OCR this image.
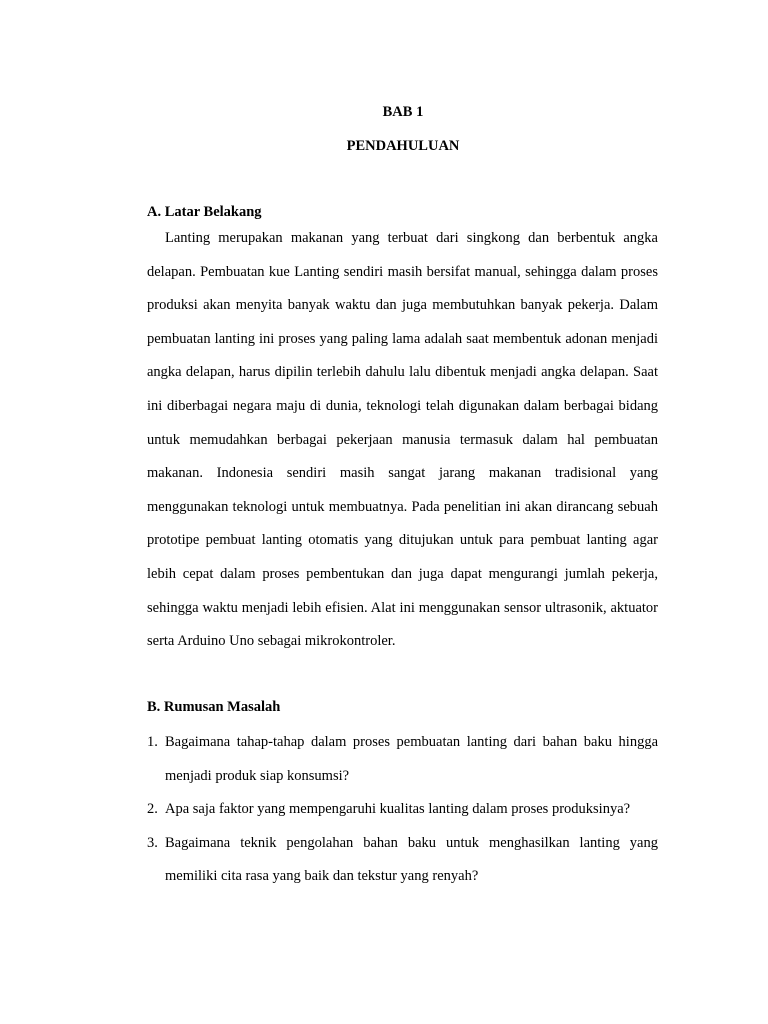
BAB 1
PENDAHULUAN
A. Latar Belakang

Lanting merupakan makanan yang terbuat dari singkong dan berbentuk angka delapan. Pembuatan kue Lanting sendiri masih bersifat manual, sehingga dalam proses produksi akan menyita banyak waktu dan juga membutuhkan banyak pekerja. Dalam pembuatan lanting ini proses yang paling lama adalah saat membentuk adonan menjadi angka delapan, harus dipilin terlebih dahulu lalu dibentuk menjadi angka delapan. Saat ini diberbagai negara maju di dunia, teknologi telah digunakan dalam berbagai bidang untuk memudahkan berbagai pekerjaan manusia termasuk dalam hal pembuatan makanan. Indonesia sendiri masih sangat jarang makanan tradisional yang menggunakan teknologi untuk membuatnya. Pada penelitian ini akan dirancang sebuah prototipe pembuat lanting otomatis yang ditujukan untuk para pembuat lanting agar lebih cepat dalam proses pembentukan dan juga dapat mengurangi jumlah pekerja, sehingga waktu menjadi lebih efisien. Alat ini menggunakan sensor ultrasonik, aktuator serta Arduino Uno sebagai mikrokontroler.

B. Rumusan Masalah
1. Bagaimana tahap-tahap dalam proses pembuatan lanting dari bahan baku hingga menjadi produk siap konsumsi?
2. Apa saja faktor yang mempengaruhi kualitas lanting dalam proses produksinya?
3. Bagaimana teknik pengolahan bahan baku untuk menghasilkan lanting yang memiliki cita rasa yang baik dan tekstur yang renyah?
